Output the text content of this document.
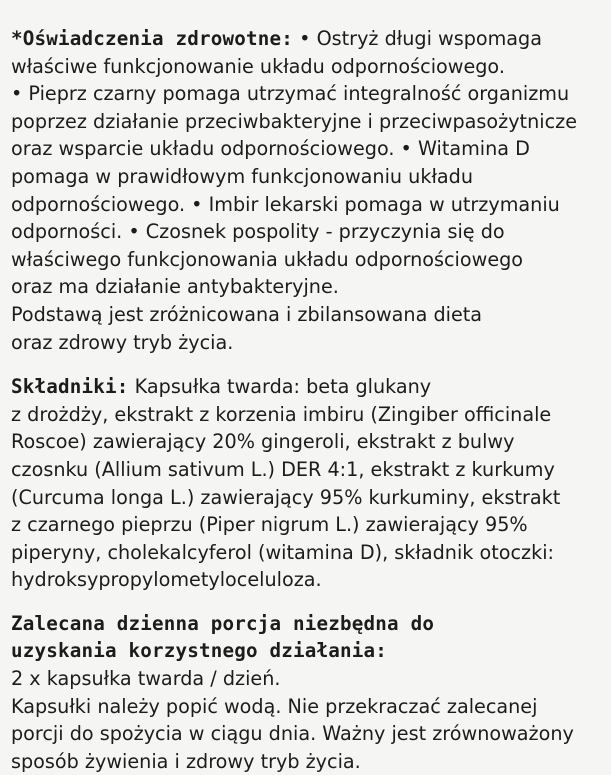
*Oświadczenia zdrowotne: • Ostryż długi wspomaga
właściwe funkcjonowanie układu odpornościowego.
• Pieprz czarny pomaga utrzymać integralność organizmu
poprzez działanie przeciwbakteryjne i przeciwpasożytnicze
oraz wsparcie układu odpornościowego. • Witamina D
pomaga w prawidłowym funkcjonowaniu układu
odpornościowego. • Imbir lekarski pomaga w utrzymaniu
odporności. • Czosnek pospolity - przyczynia się do
właściwego funkcjonowania układu odpornościowego
oraz ma działanie antybakteryjne.
Podstawą jest zróżnicowana i zbilansowana dieta
oraz zdrowy tryb życia.
Składniki: Kapsułka twarda: beta glukany
z drożdży, ekstrakt z korzenia imbiru (Zingiber officinale
Roscoe) zawierający 20% gingeroli, ekstrakt z bulwy
czosnku (Allium sativum L.) DER 4:1, ekstrakt z kurkumy
(Curcuma longa L.) zawierający 95% kurkuminy, ekstrakt
z czarnego pieprzu (Piper nigrum L.) zawierający 95%
piperyny, cholekalcyferol (witamina D), składnik otoczki:
hydroksypropylometyloceluloza.
Zalecana dzienna porcja niezbędna do
uzyskania korzystnego działania:
2 x kapsułka twarda / dzień.
Kapsułki należy popić wodą. Nie przekraczać zalecanej
porcji do spożycia w ciągu dnia. Ważny jest zrównoważony
sposób żywienia i zdrowy tryb życia.
